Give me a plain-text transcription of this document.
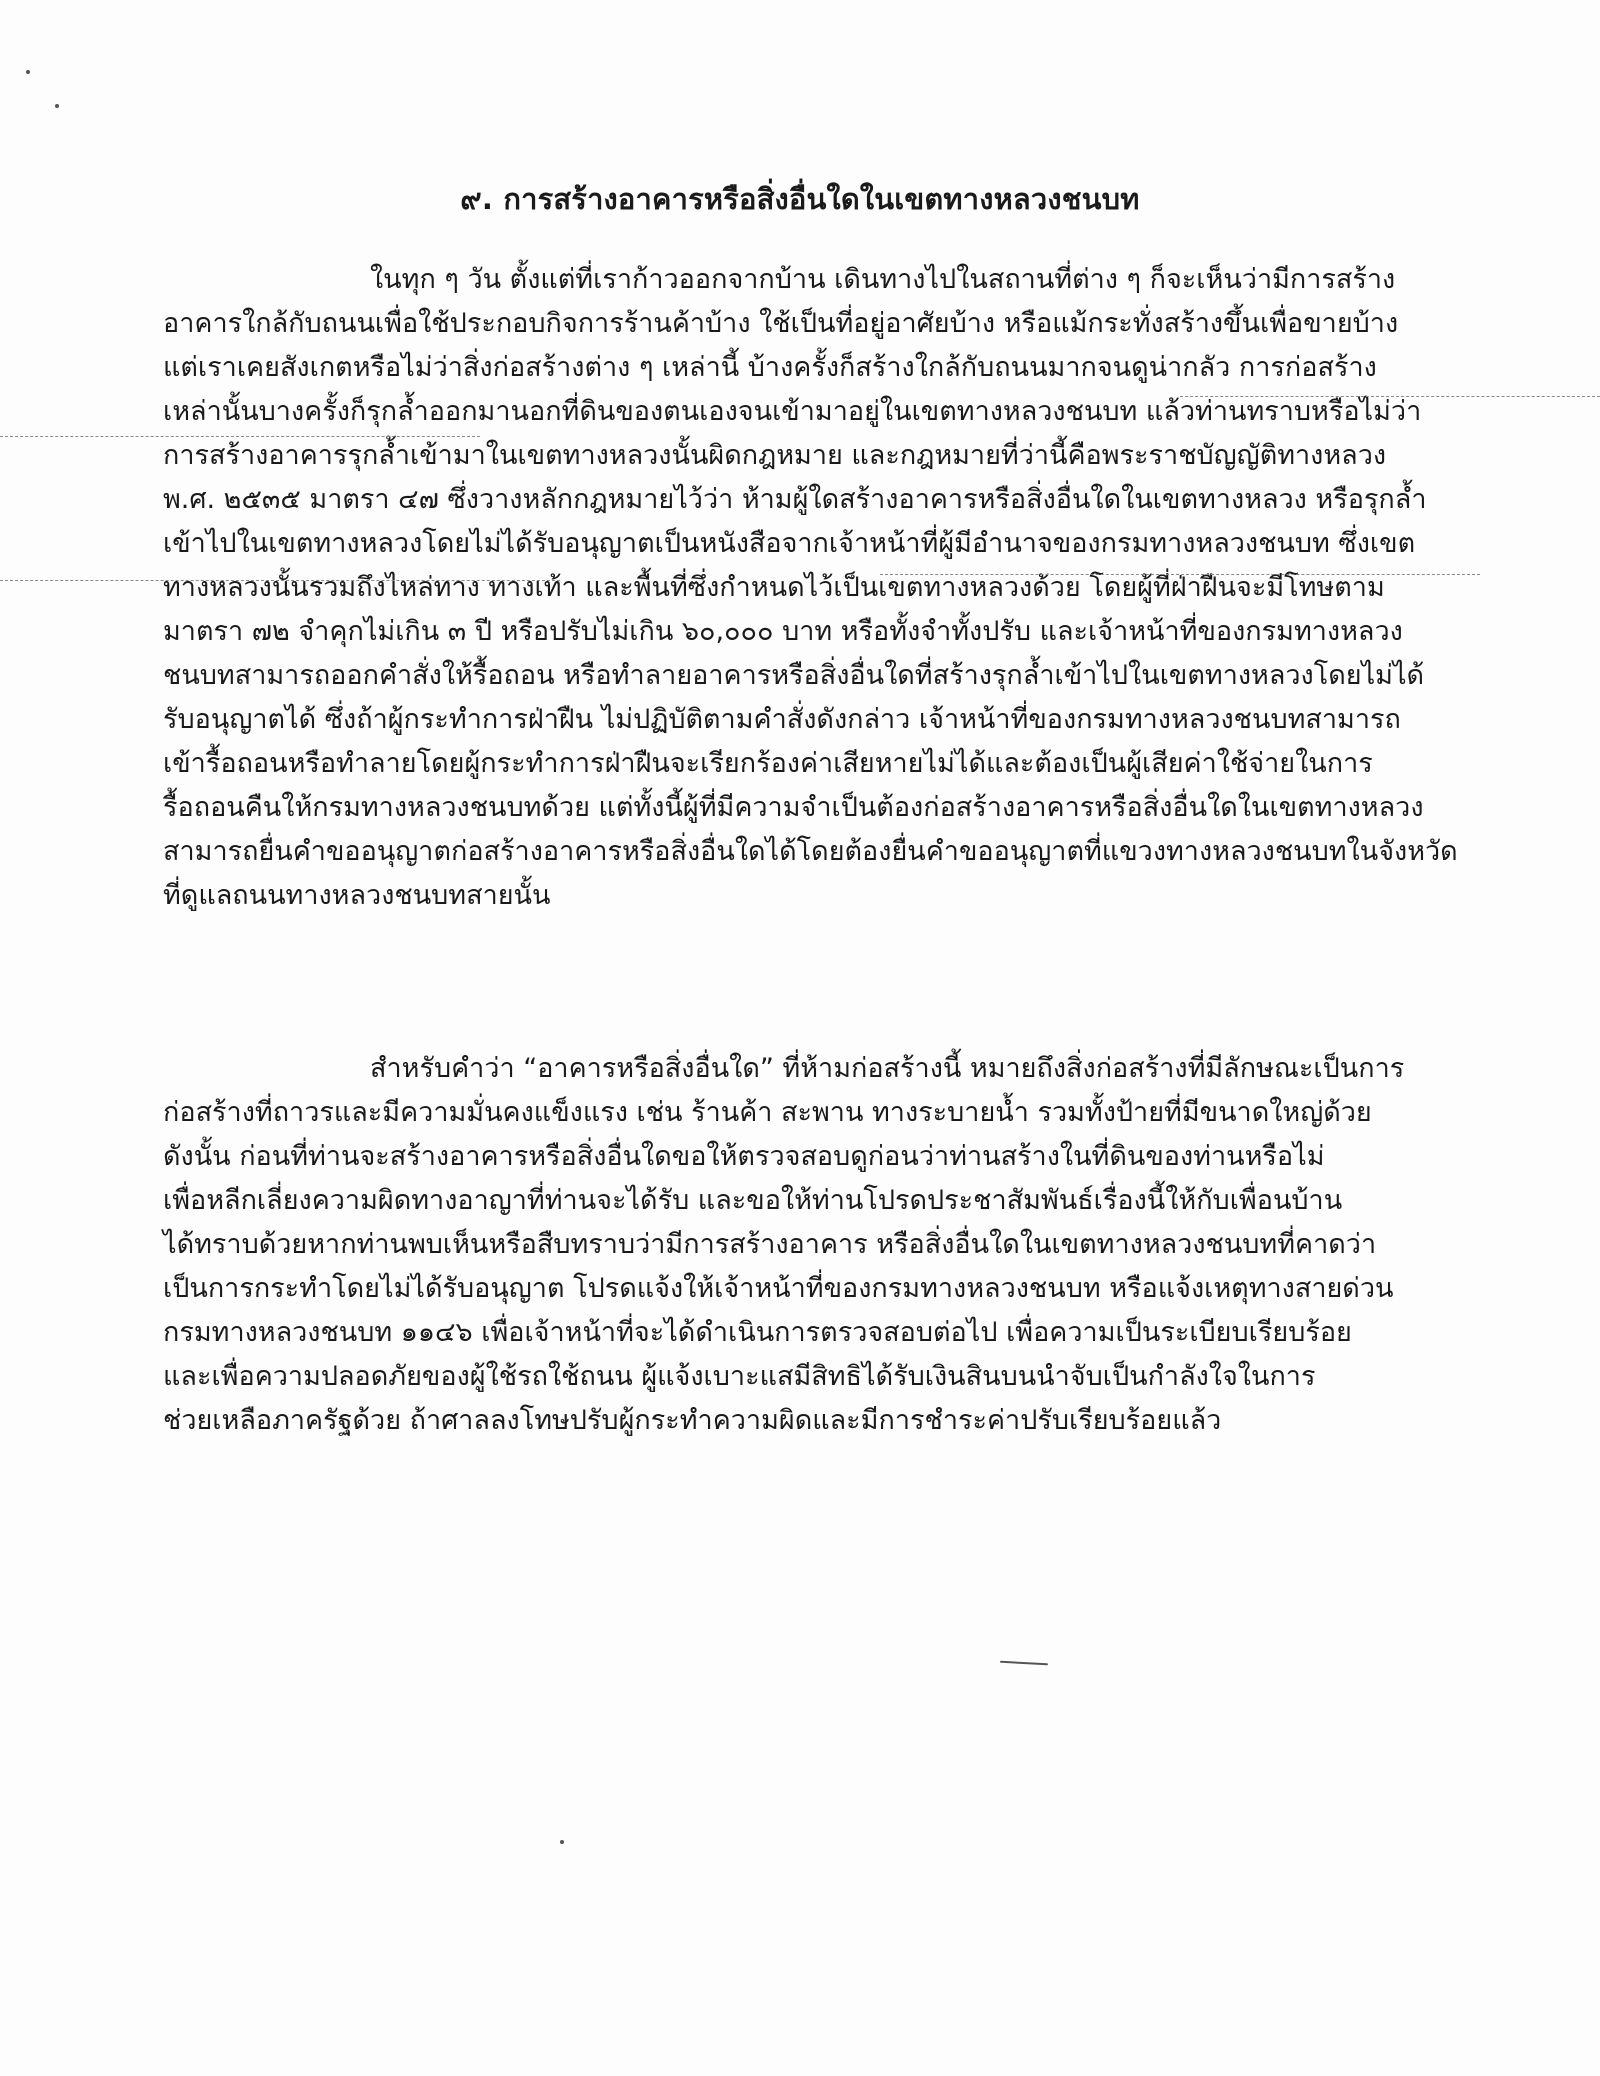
๙. การสร้างอาคารหรือสิ่งอื่นใดในเขตทางหลวงชนบท
ในทุก ๆ วัน ตั้งแต่ที่เราก้าวออกจากบ้าน เดินทางไปในสถานที่ต่าง ๆ ก็จะเห็นว่ามีการสร้าง
อาคารใกล้กับถนนเพื่อใช้ประกอบกิจการร้านค้าบ้าง ใช้เป็นที่อยู่อาศัยบ้าง หรือแม้กระทั่งสร้างขึ้นเพื่อขายบ้าง
แต่เราเคยสังเกตหรือไม่ว่าสิ่งก่อสร้างต่าง ๆ เหล่านี้ บ้างครั้งก็สร้างใกล้กับถนนมากจนดูน่ากลัว การก่อสร้าง
เหล่านั้นบางครั้งก็รุกล้ำออกมานอกที่ดินของตนเองจนเข้ามาอยู่ในเขตทางหลวงชนบท แล้วท่านทราบหรือไม่ว่า
การสร้างอาคารรุกล้ำเข้ามาในเขตทางหลวงนั้นผิดกฎหมาย และกฎหมายที่ว่านี้คือพระราชบัญญัติทางหลวง
พ.ศ. ๒๕๓๕ มาตรา ๔๗ ซึ่งวางหลักกฎหมายไว้ว่า ห้ามผู้ใดสร้างอาคารหรือสิ่งอื่นใดในเขตทางหลวง หรือรุกล้ำ
เข้าไปในเขตทางหลวงโดยไม่ได้รับอนุญาตเป็นหนังสือจากเจ้าหน้าที่ผู้มีอำนาจของกรมทางหลวงชนบท ซึ่งเขต
ทางหลวงนั้นรวมถึงไหล่ทาง ทางเท้า และพื้นที่ซึ่งกำหนดไว้เป็นเขตทางหลวงด้วย โดยผู้ที่ฝ่าฝืนจะมีโทษตาม
มาตรา ๗๒ จำคุกไม่เกิน ๓ ปี หรือปรับไม่เกิน ๖๐,๐๐๐ บาท หรือทั้งจำทั้งปรับ และเจ้าหน้าที่ของกรมทางหลวง
ชนบทสามารถออกคำสั่งให้รื้อถอน หรือทำลายอาคารหรือสิ่งอื่นใดที่สร้างรุกล้ำเข้าไปในเขตทางหลวงโดยไม่ได้
รับอนุญาตได้ ซึ่งถ้าผู้กระทำการฝ่าฝืน ไม่ปฏิบัติตามคำสั่งดังกล่าว เจ้าหน้าที่ของกรมทางหลวงชนบทสามารถ
เข้ารื้อถอนหรือทำลายโดยผู้กระทำการฝ่าฝืนจะเรียกร้องค่าเสียหายไม่ได้และต้องเป็นผู้เสียค่าใช้จ่ายในการ
รื้อถอนคืนให้กรมทางหลวงชนบทด้วย แต่ทั้งนี้ผู้ที่มีความจำเป็นต้องก่อสร้างอาคารหรือสิ่งอื่นใดในเขตทางหลวง
สามารถยื่นคำขออนุญาตก่อสร้างอาคารหรือสิ่งอื่นใดได้โดยต้องยื่นคำขออนุญาตที่แขวงทางหลวงชนบทในจังหวัด
ที่ดูแลถนนทางหลวงชนบทสายนั้น
สำหรับคำว่า “อาคารหรือสิ่งอื่นใด” ที่ห้ามก่อสร้างนี้ หมายถึงสิ่งก่อสร้างที่มีลักษณะเป็นการ
ก่อสร้างที่ถาวรและมีความมั่นคงแข็งแรง เช่น ร้านค้า สะพาน ทางระบายน้ำ รวมทั้งป้ายที่มีขนาดใหญ่ด้วย
ดังนั้น ก่อนที่ท่านจะสร้างอาคารหรือสิ่งอื่นใดขอให้ตรวจสอบดูก่อนว่าท่านสร้างในที่ดินของท่านหรือไม่
เพื่อหลีกเลี่ยงความผิดทางอาญาที่ท่านจะได้รับ และขอให้ท่านโปรดประชาสัมพันธ์เรื่องนี้ให้กับเพื่อนบ้าน
ได้ทราบด้วยหากท่านพบเห็นหรือสืบทราบว่ามีการสร้างอาคาร หรือสิ่งอื่นใดในเขตทางหลวงชนบทที่คาดว่า
เป็นการกระทำโดยไม่ได้รับอนุญาต โปรดแจ้งให้เจ้าหน้าที่ของกรมทางหลวงชนบท หรือแจ้งเหตุทางสายด่วน
กรมทางหลวงชนบท ๑๑๔๖ เพื่อเจ้าหน้าที่จะได้ดำเนินการตรวจสอบต่อไป เพื่อความเป็นระเบียบเรียบร้อย
และเพื่อความปลอดภัยของผู้ใช้รถใช้ถนน ผู้แจ้งเบาะแสมีสิทธิได้รับเงินสินบนนำจับเป็นกำลังใจในการ
ช่วยเหลือภาครัฐด้วย ถ้าศาลลงโทษปรับผู้กระทำความผิดและมีการชำระค่าปรับเรียบร้อยแล้ว
